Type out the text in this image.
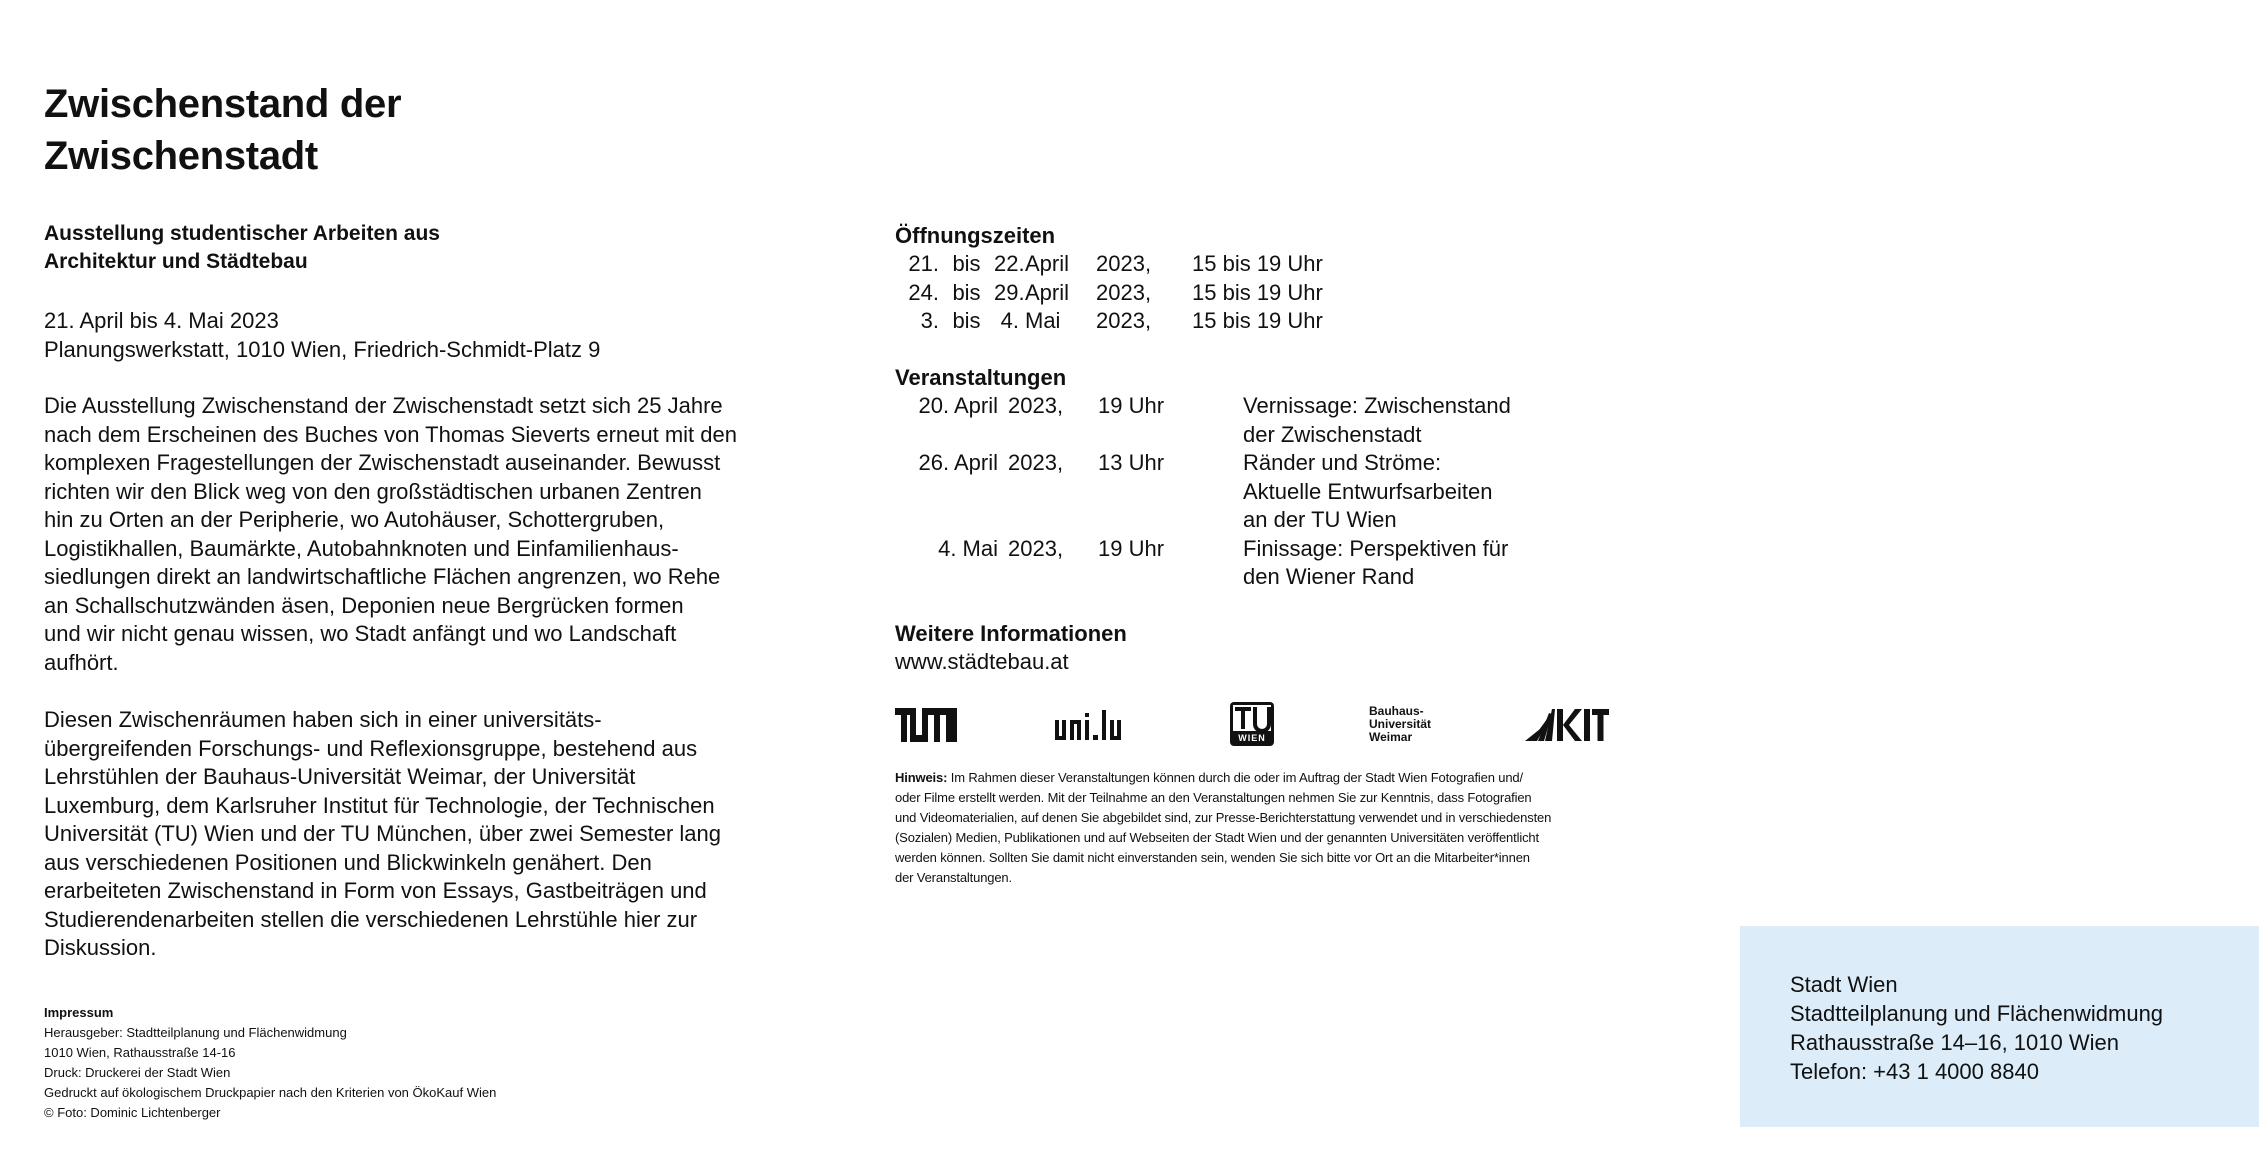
Zwischenstand der
Zwischenstadt
Ausstellung studentischer Arbeiten aus
Architektur und Städtebau
21. April bis 4. Mai 2023
Planungswerkstatt, 1010 Wien, Friedrich-Schmidt-Platz 9
Die Ausstellung Zwischenstand der Zwischenstadt setzt sich 25 Jahre
nach dem Erscheinen des Buches von Thomas Sieverts erneut mit den
komplexen Fragestellungen der Zwischenstadt auseinander. Bewusst
richten wir den Blick weg von den großstädtischen urbanen Zentren
hin zu Orten an der Peripherie, wo Autohäuser, Schottergruben,
Logistikhallen, Baumärkte, Autobahnknoten und Einfamilienhaus-
siedlungen direkt an landwirtschaftliche Flächen angrenzen, wo Rehe
an Schallschutzwänden äsen, Deponien neue Bergrücken formen
und wir nicht genau wissen, wo Stadt anfängt und wo Landschaft
aufhört.
Diesen Zwischenräumen haben sich in einer universitäts-
übergreifenden Forschungs- und Reflexionsgruppe, bestehend aus
Lehrstühlen der Bauhaus-Universität Weimar, der Universität
Luxemburg, dem Karlsruher Institut für Technologie, der Technischen
Universität (TU) Wien und der TU München, über zwei Semester lang
aus verschiedenen Positionen und Blickwinkeln genähert. Den
erarbeiteten Zwischenstand in Form von Essays, Gastbeiträgen und
Studierendenarbeiten stellen die verschiedenen Lehrstühle hier zur
Diskussion.
Impressum
Herausgeber: Stadtteilplanung und Flächenwidmung
1010 Wien, Rathausstraße 14-16
Druck: Druckerei der Stadt Wien
Gedruckt auf ökologischem Druckpapier nach den Kriterien von ÖkoKauf Wien
© Foto: Dominic Lichtenberger
Öffnungszeiten
21. bis 22. April	2023,	15 bis 19 Uhr
24. bis 29. April	2023,	15 bis 19 Uhr
3. bis 4. Mai	2023,	15 bis 19 Uhr
Veranstaltungen
20. April 2023,	19 Uhr	Vernissage: Zwischenstand
der Zwischenstadt
26. April 2023,	13 Uhr	Ränder und Ströme:
Aktuelle Entwurfsarbeiten
an der TU Wien
4. Mai 2023,	19 Uhr	Finissage: Perspektiven für
den Wiener Rand
Weitere Informationen
www.städtebau.at
WIEN
Bauhaus-
Universität
Weimar
Hinweis: Im Rahmen dieser Veranstaltungen können durch die oder im Auftrag der Stadt Wien Fotografien und/
oder Filme erstellt werden. Mit der Teilnahme an den Veranstaltungen nehmen Sie zur Kenntnis, dass Fotografien
und Videomaterialien, auf denen Sie abgebildet sind, zur Presse-Berichterstattung verwendet und in verschiedensten
(Sozialen) Medien, Publikationen und auf Webseiten der Stadt Wien und der genannten Universitäten veröffentlicht
werden können. Sollten Sie damit nicht einverstanden sein, wenden Sie sich bitte vor Ort an die Mitarbeiter*innen
der Veranstaltungen.
Stadt Wien
Stadtteilplanung und Flächenwidmung
Rathausstraße 14–16, 1010 Wien
Telefon: +43 1 4000 8840
